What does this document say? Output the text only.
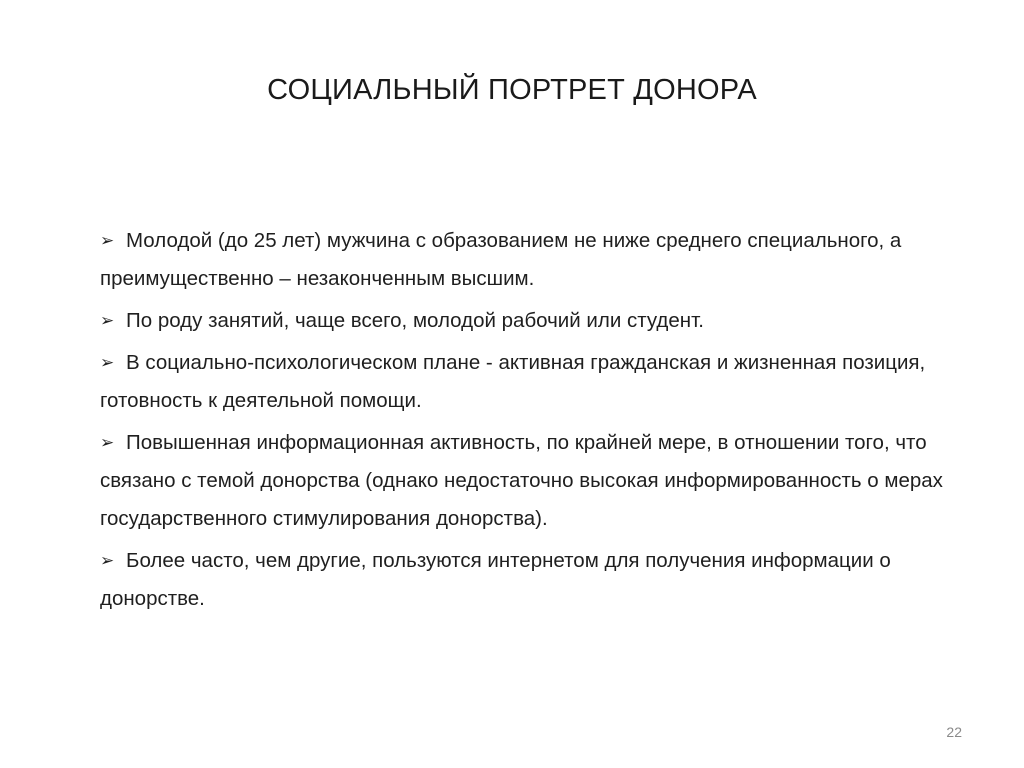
СОЦИАЛЬНЫЙ ПОРТРЕТ ДОНОРА
➢ Молодой (до 25 лет) мужчина с образованием не ниже среднего специального, а преимущественно – незаконченным высшим.
➢ По роду занятий, чаще всего, молодой рабочий или студент.
➢ В социально-психологическом плане - активная гражданская и жизненная позиция, готовность к деятельной помощи.
➢ Повышенная информационная активность, по крайней мере, в отношении того, что связано с темой донорства (однако недостаточно высокая информированность о мерах государственного стимулирования донорства).
➢ Более часто, чем другие, пользуются интернетом для получения информации о донорстве.
22
